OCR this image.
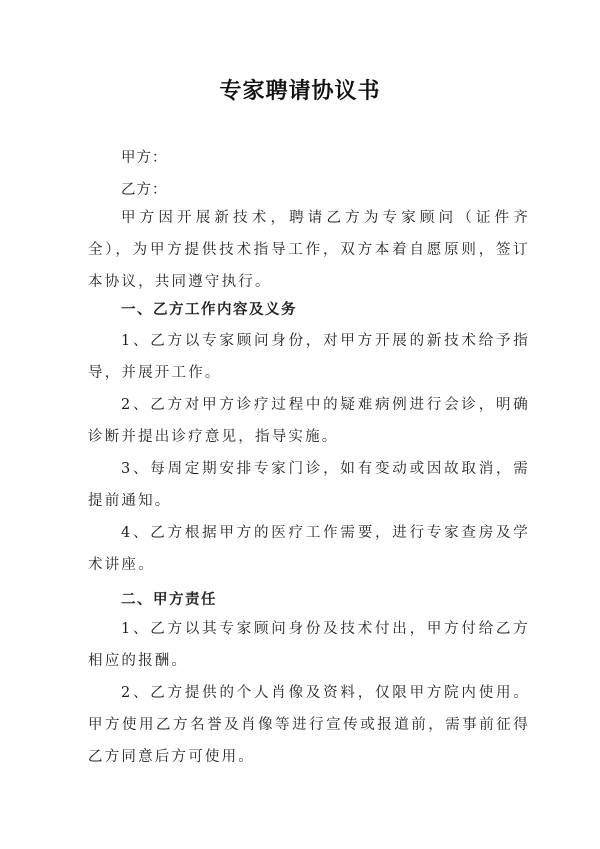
专家聘请协议书
甲方：
乙方：

甲方因开展新技术，聘请乙方为专家顾问（证件齐全），为甲方提供技术指导工作，双方本着自愿原则，签订本协议，共同遵守执行。

一、乙方工作内容及义务

1、乙方以专家顾问身份，对甲方开展的新技术给予指导，并展开工作。

2、乙方对甲方诊疗过程中的疑难病例进行会诊，明确诊断并提出诊疗意见，指导实施。

3、每周定期安排专家门诊，如有变动或因故取消，需提前通知。

4、乙方根据甲方的医疗工作需要，进行专家查房及学术讲座。

二、甲方责任

1、乙方以其专家顾问身份及技术付出，甲方付给乙方相应的报酬。

2、乙方提供的个人肖像及资料，仅限甲方院内使用。甲方使用乙方名誉及肖像等进行宣传或报道前，需事前征得乙方同意后方可使用。
